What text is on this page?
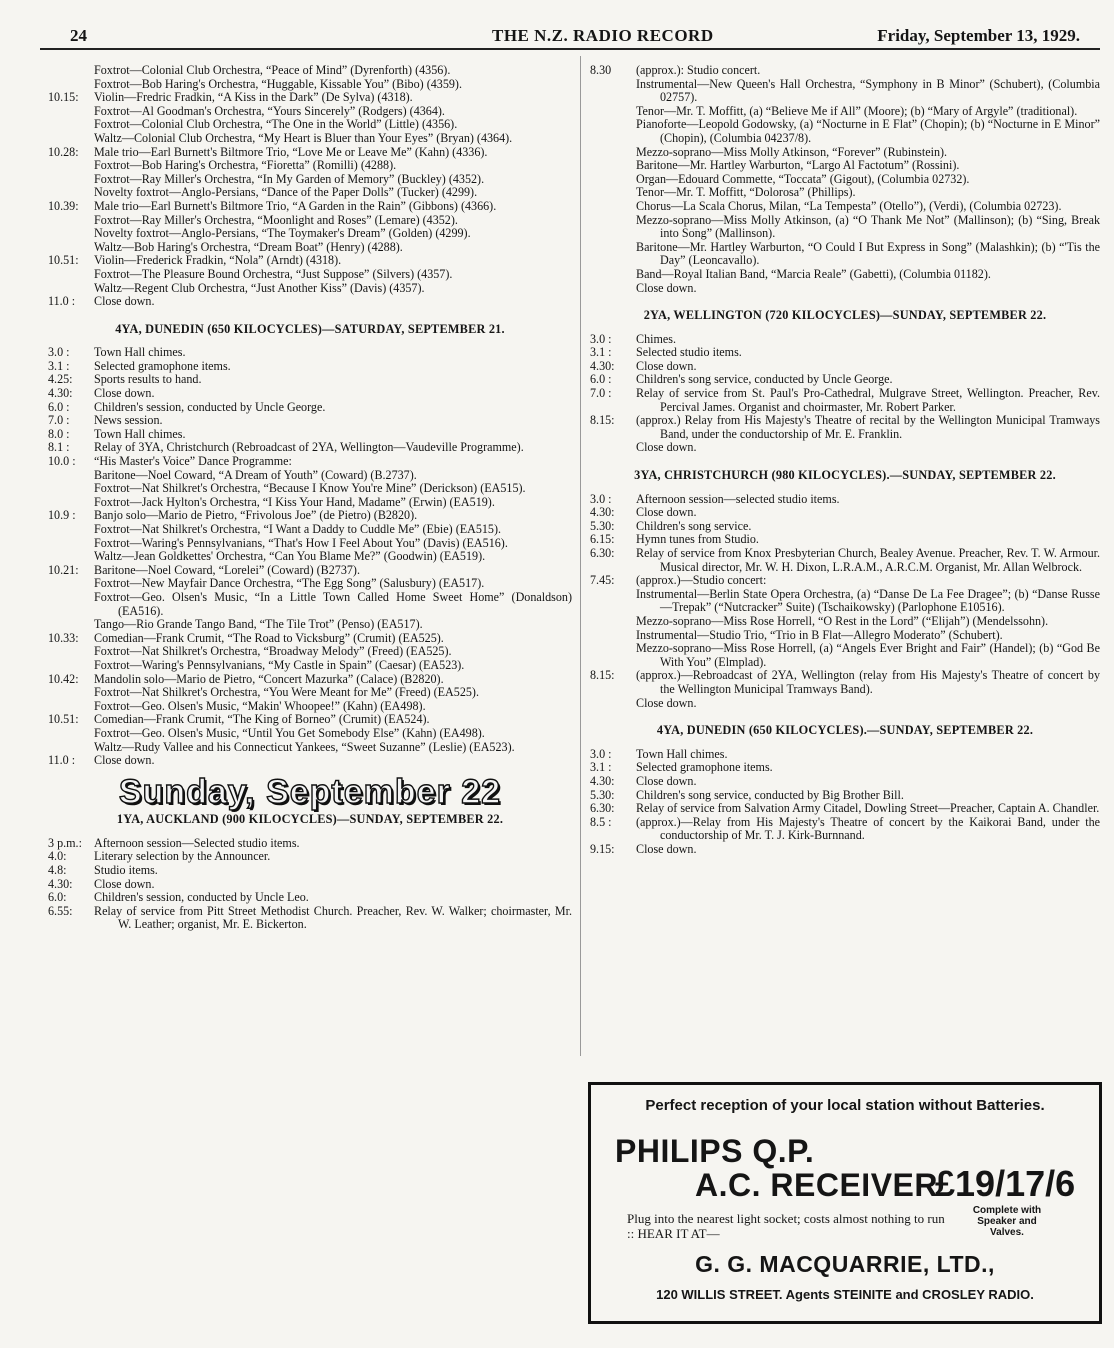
24	THE N.Z. RADIO RECORD	Friday, September 13, 1929.

Foxtrot—Colonial Club Orchestra, “Peace of Mind” (Dyrenforth) (4356).

Foxtrot—Bob Haring's Orchestra, “Huggable, Kissable You” (Bibo) (4359).

10.15:	Violin—Fredric Fradkin, “A Kiss in the Dark” (De Sylva) (4318).

Foxtrot—Al Goodman's Orchestra, “Yours Sincerely” (Rodgers) (4364).

Foxtrot—Colonial Club Orchestra, “The One in the World” (Little) (4356).

Waltz—Colonial Club Orchestra, “My Heart is Bluer than Your Eyes” (Bryan) (4364).

10.28:	Male trio—Earl Burnett's Biltmore Trio, “Love Me or Leave Me” (Kahn) (4336).

Foxtrot—Bob Haring's Orchestra, “Fioretta” (Romilli) (4288).

Foxtrot—Ray Miller's Orchestra, “In My Garden of Memory” (Buckley) (4352).

Novelty foxtrot—Anglo-Persians, “Dance of the Paper Dolls” (Tucker) (4299).

10.39:	Male trio—Earl Burnett's Biltmore Trio, “A Garden in the Rain” (Gibbons) (4366).

Foxtrot—Ray Miller's Orchestra, “Moonlight and Roses” (Lemare) (4352).

Novelty foxtrot—Anglo-Persians, “The Toymaker's Dream” (Golden) (4299).

Waltz—Bob Haring's Orchestra, “Dream Boat” (Henry) (4288).

10.51:	Violin—Frederick Fradkin, “Nola” (Arndt) (4318).

Foxtrot—The Pleasure Bound Orchestra, “Just Suppose” (Silvers) (4357).

Waltz—Regent Club Orchestra, “Just Another Kiss” (Davis) (4357).

11.0 :	Close down.

4YA, DUNEDIN (650 KILOCYCLES)—SATURDAY, SEPTEMBER 21.
3.0 :	Town Hall chimes.

3.1 :	Selected gramophone items.

4.25:	Sports results to hand.

4.30:	Close down.

6.0 :	Children's session, conducted by Uncle George.

7.0 :	News session.

8.0 :	Town Hall chimes.

8.1 :	Relay of 3YA, Christchurch (Rebroadcast of 2YA, Wellington—Vaudeville Programme).

10.0 :	“His Master's Voice” Dance Programme:

Baritone—Noel Coward, “A Dream of Youth” (Coward) (B.2737).

Foxtrot—Nat Shilkret's Orchestra, “Because I Know You're Mine” (Derickson) (EA515).

Foxtrot—Jack Hylton's Orchestra, “I Kiss Your Hand, Madame” (Erwin) (EA519).

10.9 :	Banjo solo—Mario de Pietro, “Frivolous Joe” (de Pietro) (B2820).

Foxtrot—Nat Shilkret's Orchestra, “I Want a Daddy to Cuddle Me” (Ebie) (EA515).

Foxtrot—Waring's Pennsylvanians, “That's How I Feel About You” (Davis) (EA516).

Waltz—Jean Goldkettes' Orchestra, “Can You Blame Me?” (Goodwin) (EA519).

10.21:	Baritone—Noel Coward, “Lorelei” (Coward) (B2737).

Foxtrot—New Mayfair Dance Orchestra, “The Egg Song” (Salusbury) (EA517).

Foxtrot—Geo. Olsen's Music, “In a Little Town Called Home Sweet Home” (Donaldson) (EA516).

Tango—Rio Grande Tango Band, “The Tile Trot” (Penso) (EA517).

10.33:	Comedian—Frank Crumit, “The Road to Vicksburg” (Crumit) (EA525).

Foxtrot—Nat Shilkret's Orchestra, “Broadway Melody” (Freed) (EA525).

Foxtrot—Waring's Pennsylvanians, “My Castle in Spain” (Caesar) (EA523).

10.42:	Mandolin solo—Mario de Pietro, “Concert Mazurka” (Calace) (B2820).

Foxtrot—Nat Shilkret's Orchestra, “You Were Meant for Me” (Freed) (EA525).

Foxtrot—Geo. Olsen's Music, “Makin' Whoopee!” (Kahn) (EA498).

10.51:	Comedian—Frank Crumit, “The King of Borneo” (Crumit) (EA524).

Foxtrot—Geo. Olsen's Music, “Until You Get Somebody Else” (Kahn) (EA498).

Waltz—Rudy Vallee and his Connecticut Yankees, “Sweet Suzanne” (Leslie) (EA523).

11.0 :	Close down.

Sunday, September 22
1YA, AUCKLAND (900 KILOCYCLES)—SUNDAY, SEPTEMBER 22.
3 p.m.: Afternoon session—Selected studio items.

4.0:	Literary selection by the Announcer.

4.8:	Studio items.

4.30:	Close down.

6.0:	Children's session, conducted by Uncle Leo.

6.55:	Relay of service from Pitt Street Methodist Church. Preacher, Rev. W. Walker; choirmaster, Mr. W. Leather; organist, Mr. E. Bickerton.

8.30	(approx.): Studio concert.

Instrumental—New Queen's Hall Orchestra, “Symphony in B Minor” (Schubert), (Columbia 02757).

Tenor—Mr. T. Moffitt, (a) “Believe Me if All” (Moore); (b) “Mary of Argyle” (traditional).

Pianoforte—Leopold Godowsky, (a) “Nocturne in E Flat” (Chopin); (b) “Nocturne in E Minor” (Chopin), (Columbia 04237/8).

Mezzo-soprano—Miss Molly Atkinson, “Forever” (Rubinstein).

Baritone—Mr. Hartley Warburton, “Largo Al Factotum” (Rossini).

Organ—Edouard Commette, “Toccata” (Gigout), (Columbia 02732).

Tenor—Mr. T. Moffitt, “Dolorosa” (Phillips).

Chorus—La Scala Chorus, Milan, “La Tempesta” (Otello”), (Verdi), (Columbia 02723).

Mezzo-soprano—Miss Molly Atkinson, (a) “O Thank Me Not” (Mallinson); (b) “Sing, Break into Song” (Mallinson).

Baritone—Mr. Hartley Warburton, “O Could I But Express in Song” (Malashkin); (b) “'Tis the Day” (Leoncavallo).

Band—Royal Italian Band, “Marcia Reale” (Gabetti), (Columbia 01182).

Close down.

2YA, WELLINGTON (720 KILOCYCLES)—SUNDAY, SEPTEMBER 22.
3.0 :	Chimes.

3.1 :	Selected studio items.

4.30:	Close down.

6.0 :	Children's song service, conducted by Uncle George.

7.0 :	Relay of service from St. Paul's Pro-Cathedral, Mulgrave Street, Wellington. Preacher, Rev. Percival James. Organist and choirmaster, Mr. Robert Parker.

8.15:	(approx.) Relay from His Majesty's Theatre of recital by the Wellington Municipal Tramways Band, under the conductorship of Mr. E. Franklin.

Close down.

3YA, CHRISTCHURCH (980 KILOCYCLES).—SUNDAY, SEPTEMBER 22.
3.0 :	Afternoon session—selected studio items.

4.30:	Close down.

5.30:	Children's song service.

6.15:	Hymn tunes from Studio.

6.30:	Relay of service from Knox Presbyterian Church, Bealey Avenue. Preacher, Rev. T. W. Armour. Musical director, Mr. W. H. Dixon, L.R.A.M., A.R.C.M. Organist, Mr. Allan Welbrock.

7.45:	(approx.)—Studio concert:

Instrumental—Berlin State Opera Orchestra, (a) “Danse De La Fee Dragee”; (b) “Danse Russe—Trepak” (“Nutcracker” Suite) (Tschaikowsky) (Parlophone E10516).

Mezzo-soprano—Miss Rose Horrell, “O Rest in the Lord” (“Elijah”) (Mendelssohn).

Instrumental—Studio Trio, “Trio in B Flat—Allegro Moderato” (Schubert).

Mezzo-soprano—Miss Rose Horrell, (a) “Angels Ever Bright and Fair” (Handel); (b) “God Be With You” (Elmplad).

8.15:	(approx.)—Rebroadcast of 2YA, Wellington (relay from His Majesty's Theatre of concert by the Wellington Municipal Tramways Band).

Close down.

4YA, DUNEDIN (650 KILOCYCLES).—SUNDAY, SEPTEMBER 22.
3.0 :	Town Hall chimes.

3.1 :	Selected gramophone items.

4.30:	Close down.

5.30:	Children's song service, conducted by Big Brother Bill.

6.30:	Relay of service from Salvation Army Citadel, Dowling Street—Preacher, Captain A. Chandler.

8.5 :	(approx.)—Relay from His Majesty's Theatre of concert by the Kaikorai Band, under the conductorship of Mr. T. J. Kirk-Burnnand.

9.15:	Close down.

Perfect reception of your local station without Batteries.
PHILIPS Q.P.
A.C. RECEIVER
£19/17/6
Plug into the nearest light socket; costs almost nothing to run :: HEAR IT AT—
Complete with Speaker and Valves.
G. G. MACQUARRIE, LTD.,
120 WILLIS STREET. Agents STEINITE and CROSLEY RADIO.
